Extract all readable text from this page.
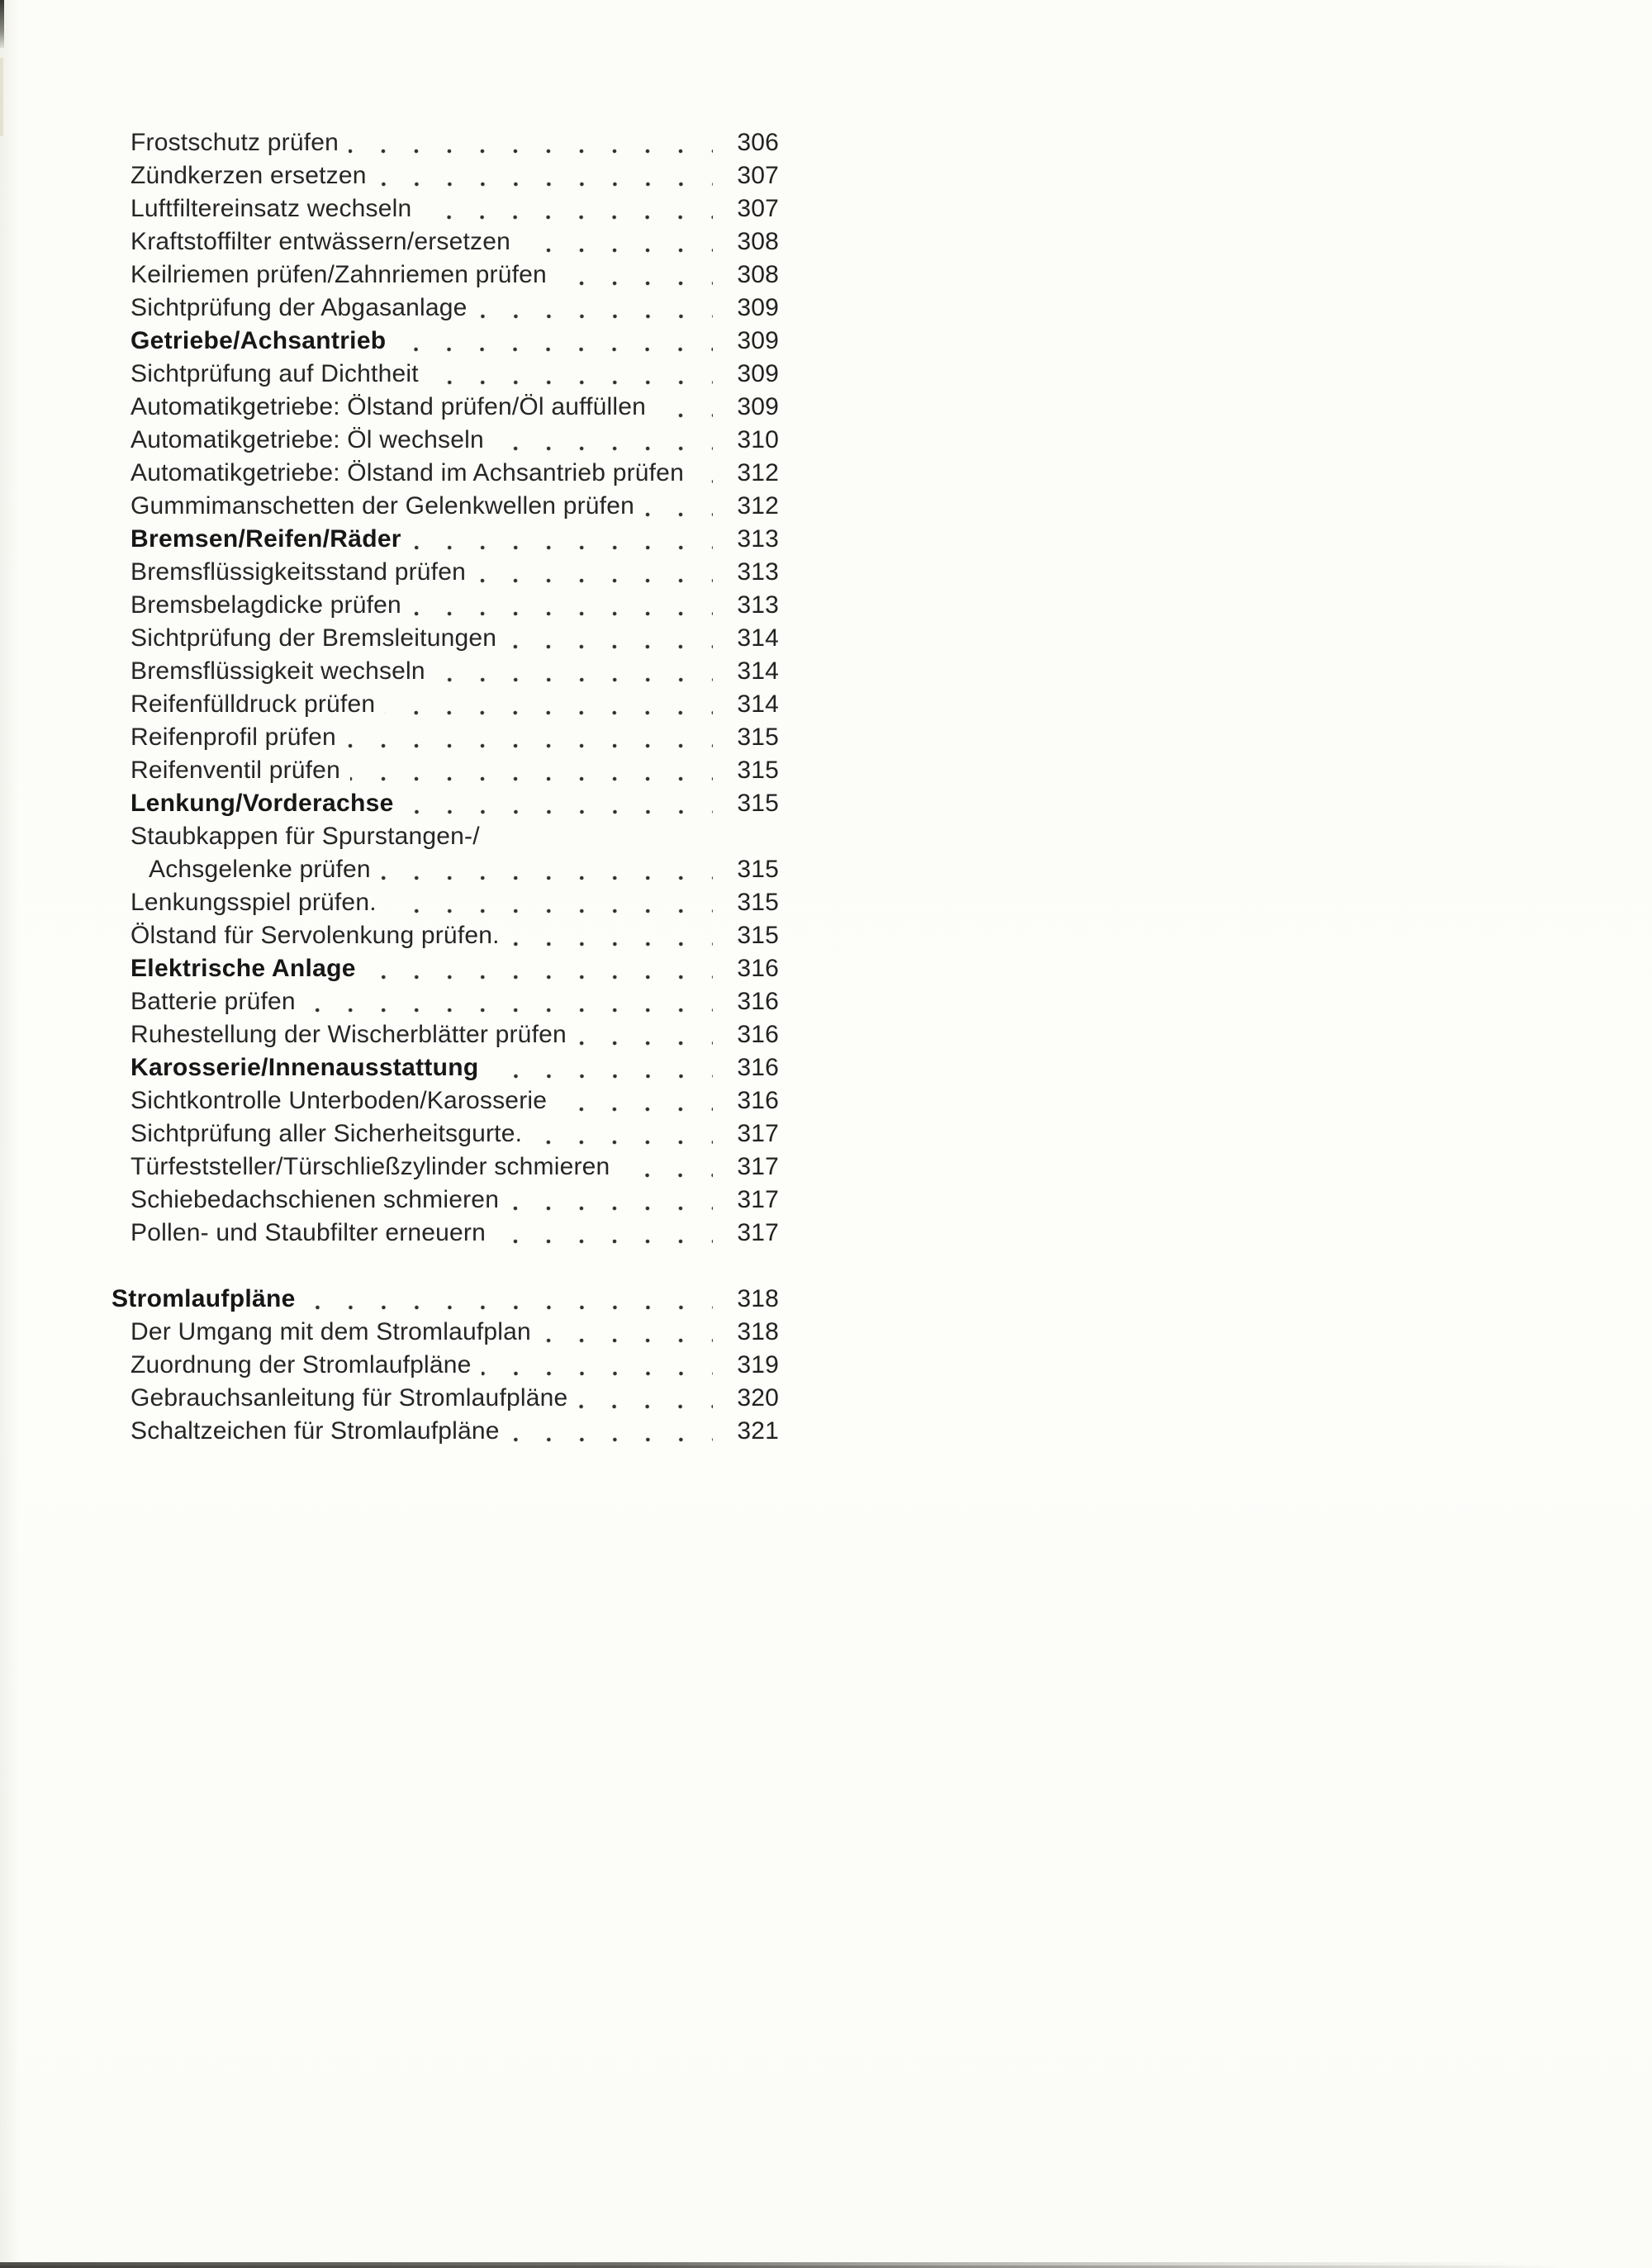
Frostschutz prüfen	306
Zündkerzen ersetzen	307
Luftfiltereinsatz wechseln	307
Kraftstoffilter entwässern/ersetzen	308
Keilriemen prüfen/Zahnriemen prüfen	308
Sichtprüfung der Abgasanlage	309
Getriebe/Achsantrieb	309
Sichtprüfung auf Dichtheit	309
Automatikgetriebe: Ölstand prüfen/Öl auffüllen	309
Automatikgetriebe: Öl wechseln	310
Automatikgetriebe: Ölstand im Achsantrieb prüfen	312
Gummimanschetten der Gelenkwellen prüfen	312
Bremsen/Reifen/Räder	313
Bremsflüssigkeitsstand prüfen	313
Bremsbelagdicke prüfen	313
Sichtprüfung der Bremsleitungen	314
Bremsflüssigkeit wechseln	314
Reifenfülldruck prüfen	314
Reifenprofil prüfen	315
Reifenventil prüfen	315
Lenkung/Vorderachse	315
Staubkappen für Spurstangen-/
Achsgelenke prüfen	315
Lenkungsspiel prüfen.	315
Ölstand für Servolenkung prüfen.	315
Elektrische Anlage	316
Batterie prüfen	316
Ruhestellung der Wischerblätter prüfen	316
Karosserie/Innenausstattung	316
Sichtkontrolle Unterboden/Karosserie	316
Sichtprüfung aller Sicherheitsgurte.	317
Türfeststeller/Türschließzylinder schmieren	317
Schiebedachschienen schmieren	317
Pollen- und Staubfilter erneuern	317
Stromlaufpläne	318
Der Umgang mit dem Stromlaufplan	318
Zuordnung der Stromlaufpläne	319
Gebrauchsanleitung für Stromlaufpläne	320
Schaltzeichen für Stromlaufpläne	321
